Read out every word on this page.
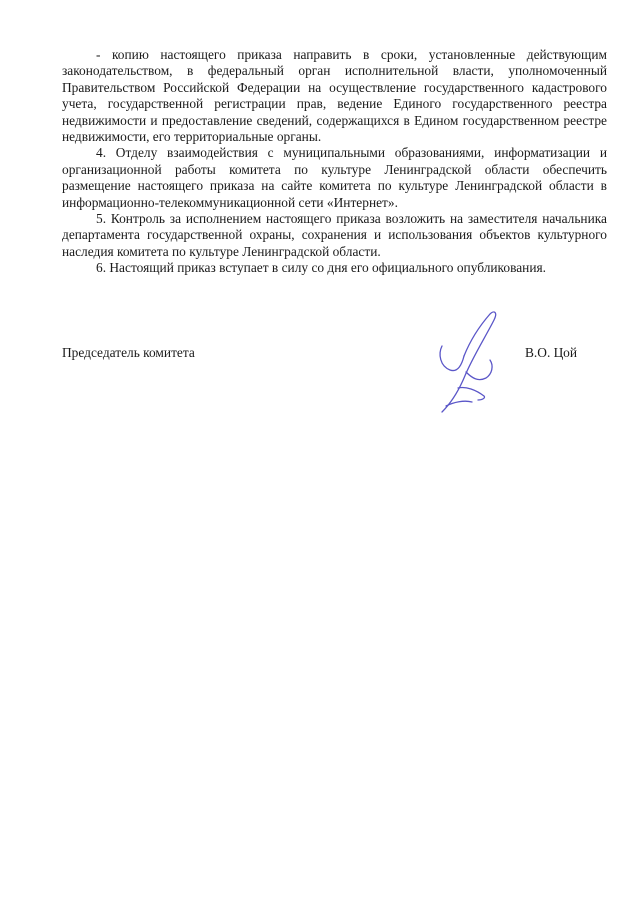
- копию настоящего приказа направить в сроки, установленные действующим законодательством, в федеральный орган исполнительной власти, уполномоченный Правительством Российской Федерации на осуществление государственного кадастрового учета, государственной регистрации прав, ведение Единого государственного реестра недвижимости и предоставление сведений, содержащихся в Едином государственном реестре недвижимости, его территориальные органы.

4. Отделу взаимодействия с муниципальными образованиями, информатизации и организационной работы комитета по культуре Ленинградской области обеспечить размещение настоящего приказа на сайте комитета по культуре Ленинградской области в информационно-телекоммуникационной сети «Интернет».

5. Контроль за исполнением настоящего приказа возложить на заместителя начальника департамента государственной охраны, сохранения и использования объектов культурного наследия комитета по культуре Ленинградской области.

6. Настоящий приказ вступает в силу со дня его официального опубликования.

Председатель комитета	В.О. Цой
